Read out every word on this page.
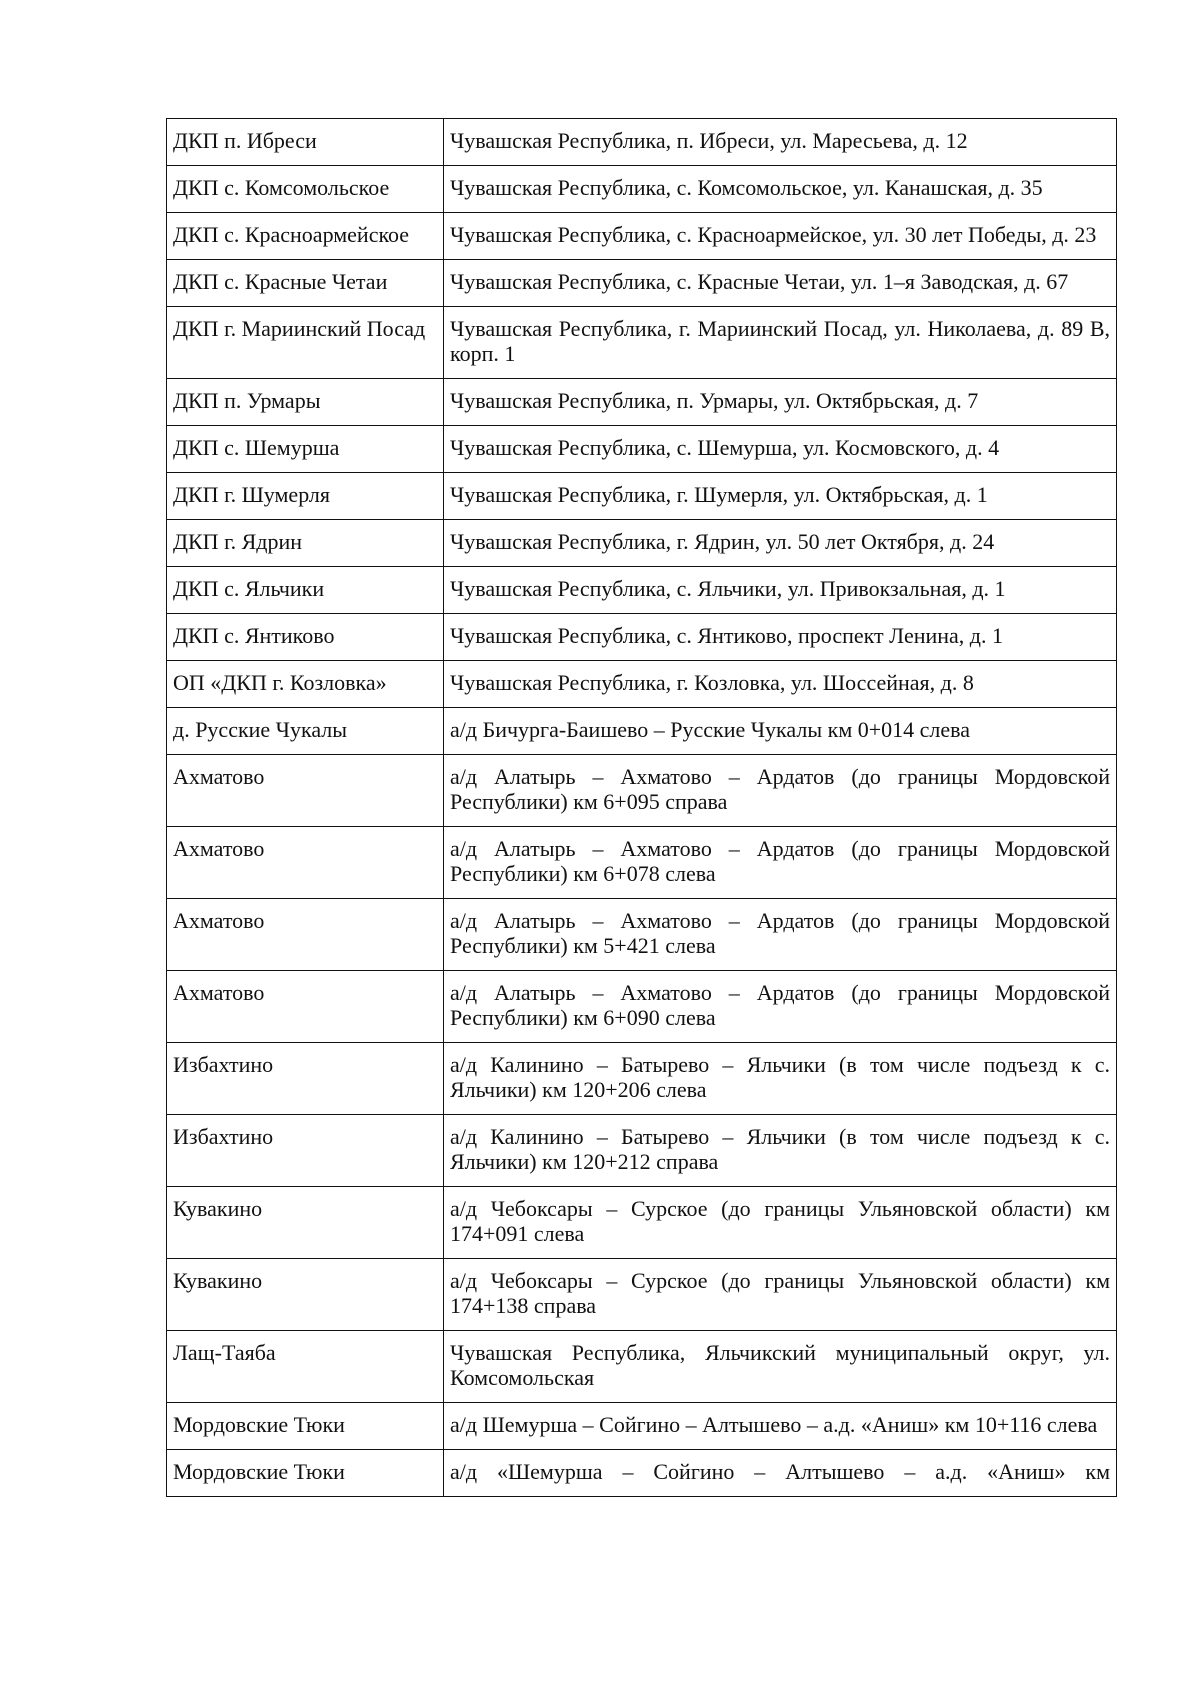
ДКП п. Ибреси	Чувашская Республика, п. Ибреси, ул. Маресьева, д. 12
ДКП с. Комсомольское	Чувашская Республика, с. Комсомольское, ул. Канашская, д. 35
ДКП с. Красноармейское	Чувашская Республика, с. Красноармейское, ул. 30 лет Победы, д. 23
ДКП с. Красные Четаи	Чувашская Республика, с. Красные Четаи, ул. 1–я Заводская, д. 67
ДКП г. Мариинский Посад	Чувашская Республика, г. Мариинский Посад, ул. Николаева, д. 89 В, корп. 1
ДКП п. Урмары	Чувашская Республика, п. Урмары, ул. Октябрьская, д. 7
ДКП с. Шемурша	Чувашская Республика, с. Шемурша, ул. Космовского, д. 4
ДКП г. Шумерля	Чувашская Республика, г. Шумерля, ул. Октябрьская, д. 1
ДКП г. Ядрин	Чувашская Республика, г. Ядрин, ул. 50 лет Октября, д. 24
ДКП с. Яльчики	Чувашская Республика, с. Яльчики, ул. Привокзальная, д. 1
ДКП с. Янтиково	Чувашская Республика, с. Янтиково, проспект Ленина, д. 1
ОП «ДКП г. Козловка»	Чувашская Республика, г. Козловка, ул. Шоссейная, д. 8
д. Русские Чукалы	а/д Бичурга-Баишево – Русские Чукалы км 0+014 слева
Ахматово	а/д Алатырь – Ахматово – Ардатов (до границы Мордовской Республики) км 6+095 справа
Ахматово	а/д Алатырь – Ахматово – Ардатов (до границы Мордовской Республики) км 6+078 слева
Ахматово	а/д Алатырь – Ахматово – Ардатов (до границы Мордовской Республики) км 5+421 слева
Ахматово	а/д Алатырь – Ахматово – Ардатов (до границы Мордовской Республики) км 6+090 слева
Избахтино	а/д Калинино – Батырево – Яльчики (в том числе подъезд к с. Яльчики) км 120+206 слева
Избахтино	а/д Калинино – Батырево – Яльчики (в том числе подъезд к с. Яльчики) км 120+212 справа
Кувакино	а/д Чебоксары – Сурское (до границы Ульяновской области) км 174+091 слева
Кувакино	а/д Чебоксары – Сурское (до границы Ульяновской области) км 174+138 справа
Лащ-Таяба	Чувашская Республика, Яльчикский муниципальный округ, ул. Комсомольская
Мордовские Тюки	а/д Шемурша – Сойгино – Алтышево – а.д. «Аниш» км 10+116 слева
Мордовские Тюки	а/д «Шемурша – Сойгино – Алтышево – а.д. «Аниш» км
